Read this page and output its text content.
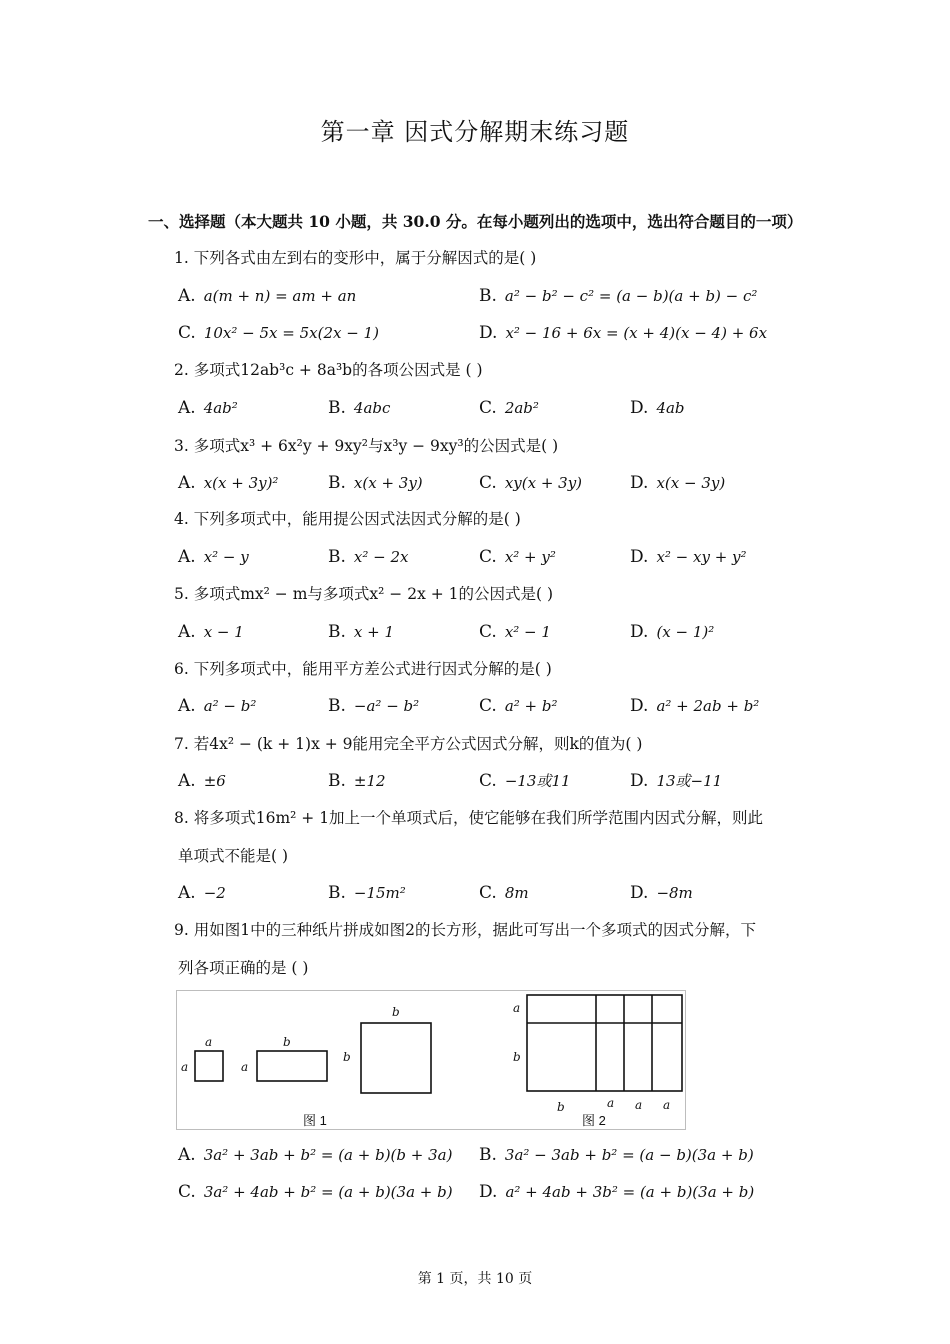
第一章 因式分解期末练习题
一、选择题（本大题共 10 小题，共 30.0 分。在每小题列出的选项中，选出符合题目的一项）
1. 下列各式由左到右的变形中，属于分解因式的是( )
A. a(m + n) = am + an	B. a² − b² − c² = (a − b)(a + b) − c²
C. 10x² − 5x = 5x(2x − 1)	D. x² − 16 + 6x = (x + 4)(x − 4) + 6x
2. 多项式12ab³c + 8a³b的各项公因式是 ( )
A. 4ab²	B. 4abc	C. 2ab²	D. 4ab
3. 多项式x³ + 6x²y + 9xy²与x³y − 9xy³的公因式是( )
A. x(x + 3y)²	B. x(x + 3y)	C. xy(x + 3y)	D. x(x − 3y)
4. 下列多项式中，能用提公因式法因式分解的是( )
A. x² − y	B. x² − 2x	C. x² + y²	D. x² − xy + y²
5. 多项式mx² − m与多项式x² − 2x + 1的公因式是( )
A. x − 1	B. x + 1	C. x² − 1	D. (x − 1)²
6. 下列多项式中，能用平方差公式进行因式分解的是( )
A. a² − b²	B. −a² − b²	C. a² + b²	D. a² + 2ab + b²
7. 若4x² − (k + 1)x + 9能用完全平方公式因式分解，则k的值为( )
A. ±6	B. ±12	C. −13或11	D. 13或−11
8. 将多项式16m² + 1加上一个单项式后，使它能够在我们所学范围内因式分解，则此
单项式不能是( )
A. −2	B. −15m²	C. 8m	D. −8m
9. 用如图1中的三种纸片拼成如图2的长方形，据此可写出一个多项式的因式分解，下
列各项正确的是 ( )
a
a
b
a
b
b
a
b
b	a a a
图 1	图 2
A. 3a² + 3ab + b² = (a + b)(b + 3a) B. 3a² − 3ab + b² = (a − b)(3a + b)
C. 3a² + 4ab + b² = (a + b)(3a + b) D. a² + 4ab + 3b² = (a + b)(3a + b)
第 1 页，共 10 页
